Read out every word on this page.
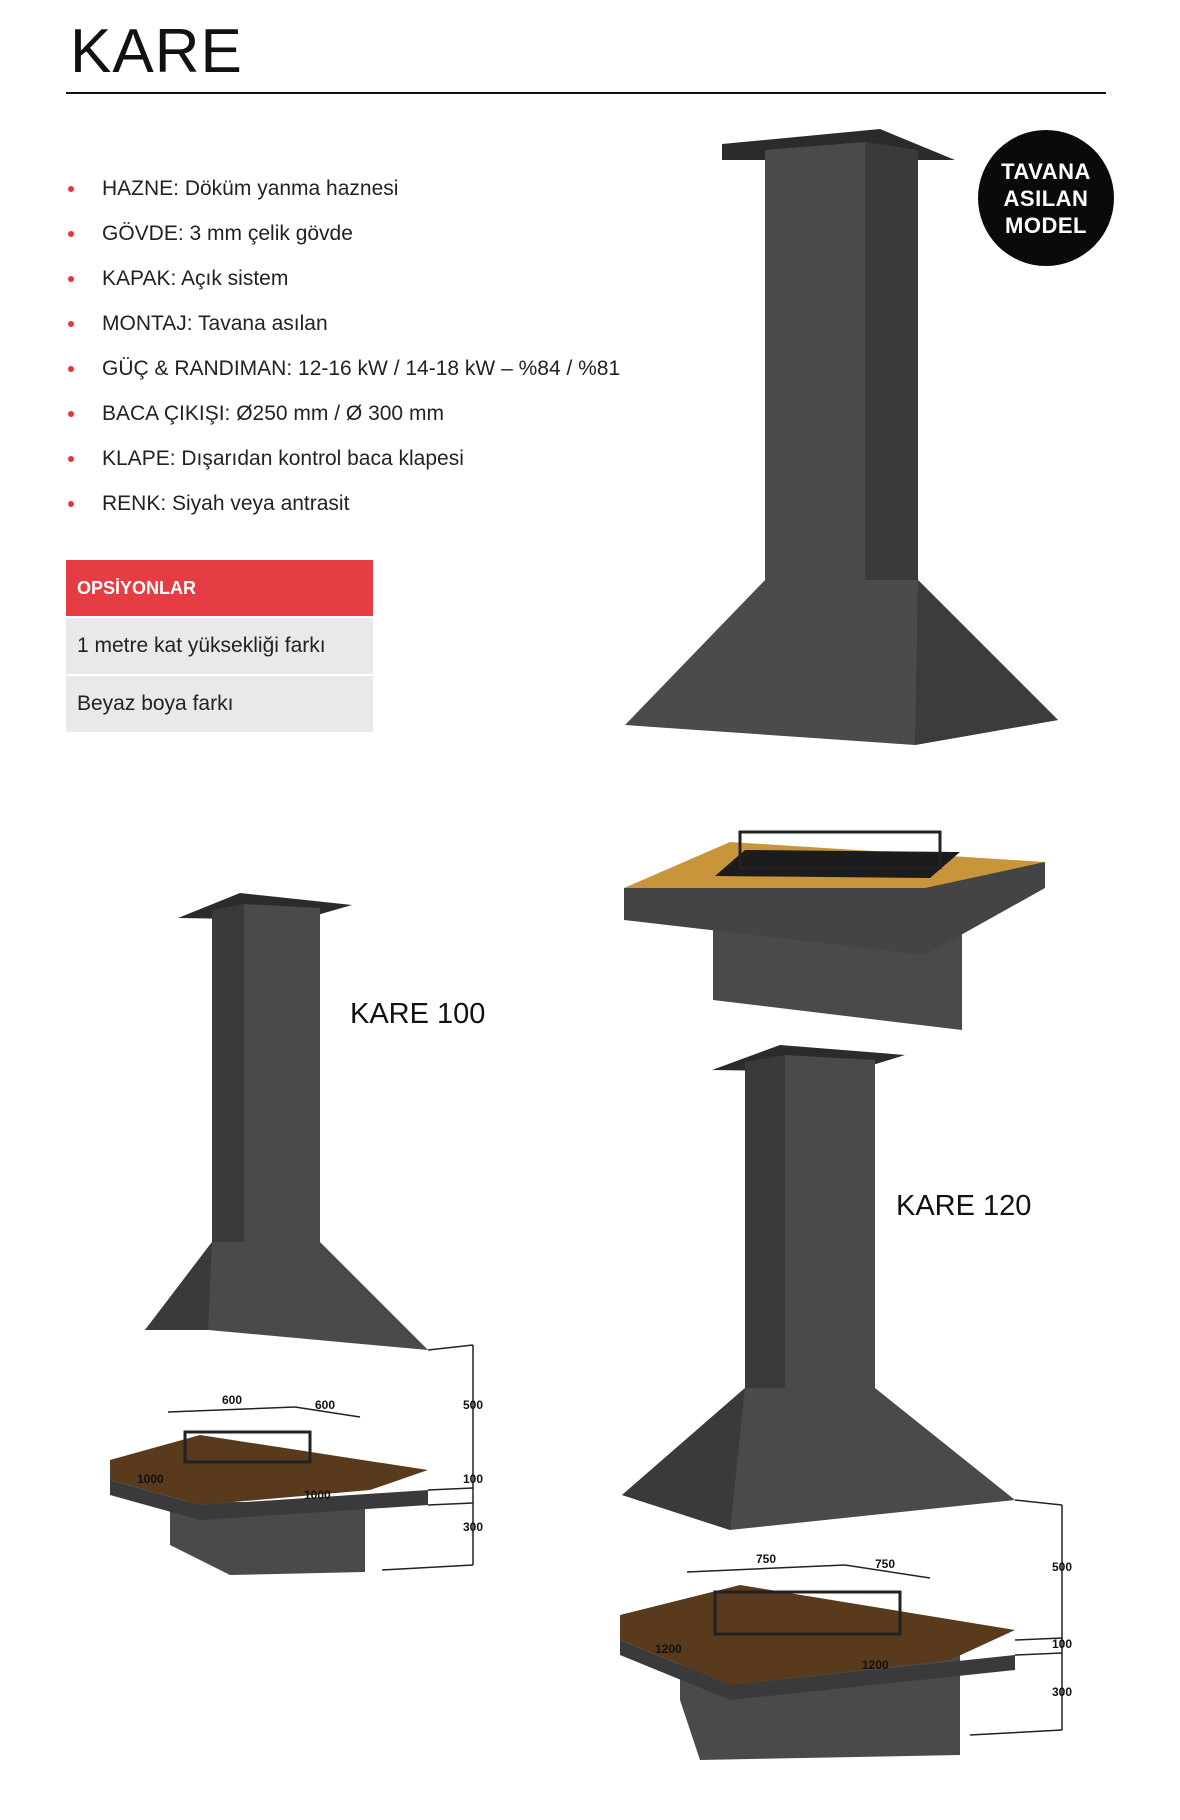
KARE
HAZNE: Döküm yanma haznesi
GÖVDE: 3 mm çelik gövde
KAPAK: Açık sistem
MONTAJ: Tavana asılan
GÜÇ & RANDIMAN: 12-16 kW / 14-18 kW – %84 / %81
BACA ÇIKIŞI: Ø250 mm / Ø 300 mm
KLAPE: Dışarıdan kontrol baca klapesi
RENK: Siyah veya antrasit
OPSİYONLAR
1 metre kat yüksekliği farkı
Beyaz boya farkı
600	600
1000
1000
500
100
300
750	750
1200
1200
500
100
300
KARE 100
KARE 120
TAVANA
ASILAN
MODEL
